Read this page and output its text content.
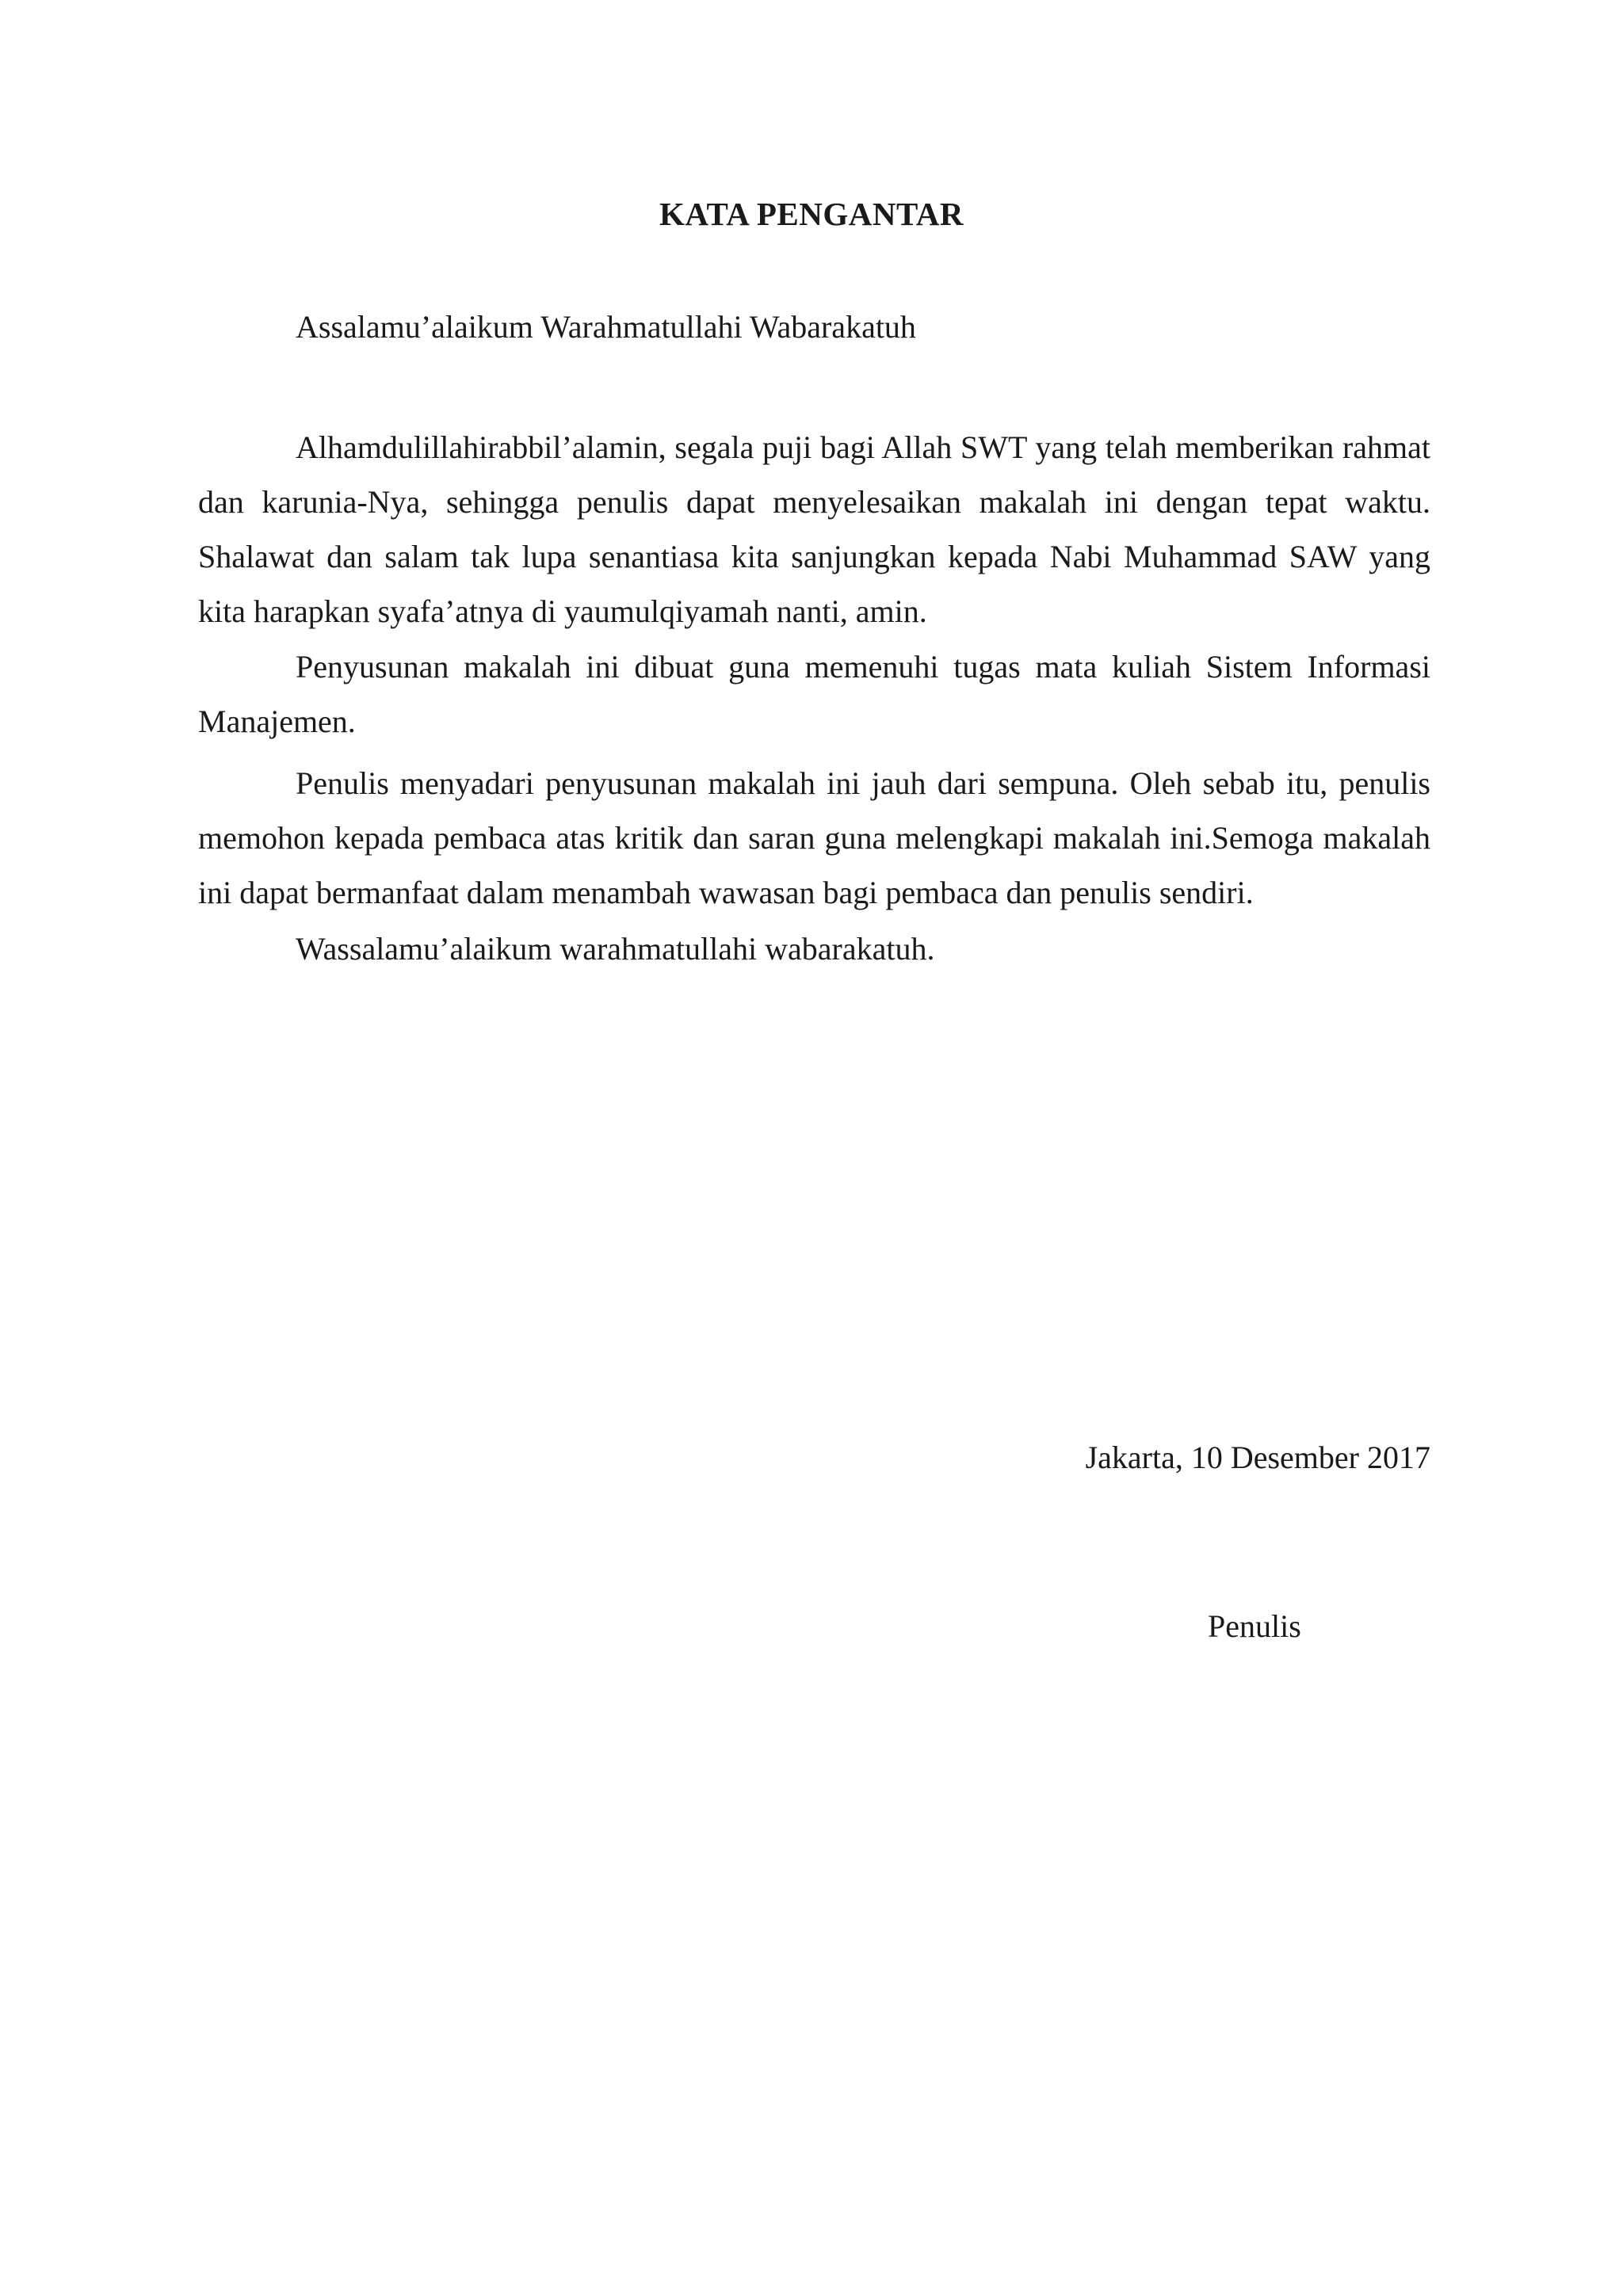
KATA PENGANTAR
Assalamu’alaikum Warahmatullahi Wabarakatuh

Alhamdulillahirabbil’alamin, segala puji bagi Allah SWT yang telah memberikan rahmat dan karunia-Nya, sehingga penulis dapat menyelesaikan makalah ini dengan tepat waktu. Shalawat dan salam tak lupa senantiasa kita sanjungkan kepada Nabi Muhammad SAW yang kita harapkan syafa’atnya di yaumulqiyamah nanti, amin.

Penyusunan makalah ini dibuat guna memenuhi tugas mata kuliah Sistem Informasi Manajemen.

Penulis menyadari penyusunan makalah ini jauh dari sempuna. Oleh sebab itu, penulis memohon kepada pembaca atas kritik dan saran guna melengkapi makalah ini.Semoga makalah ini dapat bermanfaat dalam menambah wawasan bagi pembaca dan penulis sendiri.

Wassalamu’alaikum warahmatullahi wabarakatuh.

Jakarta, 10 Desember 2017
Penulis
